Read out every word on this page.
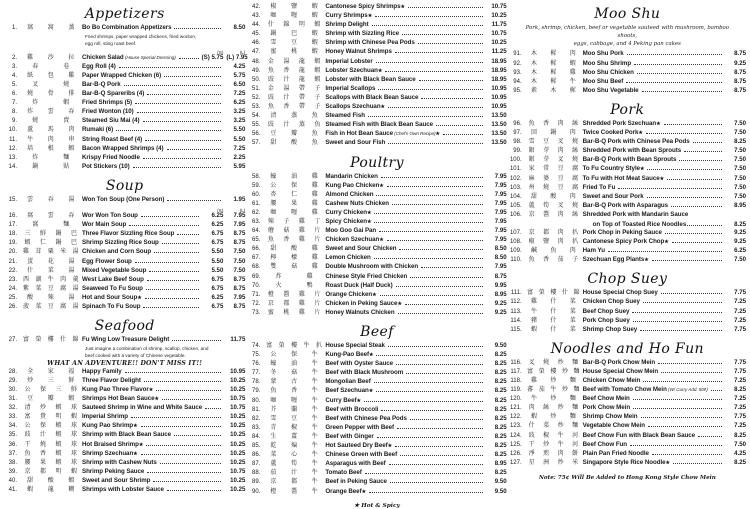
Appetizers
1.	窩 窩 蒸 Bo Bo Combination Appetizers	8.50
Fried shrimps, paper wrapped chickens, fried wonton,
egg roll, sting roast beef.
(S)	(L)
2.	雞 沙 拉 Chicken Salad (House Special Dressing)	(S) 5.75 (L) 7.95
3.	春	卷 Egg Roll (4)	4.25
4.	紙 包 雞 Paper Wrapped Chicken (6)	5.75
5.	叉	燒 Bar-B-Q Pork	6.50
6.	燒 骨 排 Bar-B-Q Spareribs (4)	7.25
7.	炸	蝦 Fried Shrimps (5)	6.25
8.	炸 雲 吞 Fried Wonton (10)	3.25
9.	燒	賣 Steamed Siu Mai (4)	3.25
10.	蘆 馬 肉 Rumaki (6)	5.50
11.	牛 肉 串 String Roast Beef (4)	5.50
12.	培 根 蝦 Bacon Wrapped Shrimps (4)	7.25
13.	炸	麵 Krispy Fried Noodle	2.25
14.	鍋	貼 Pot Stickers (10)	5.95
Soup
15.	雲 吞 湯 Won Ton Soup (One Person)	1.95
(S)	(L)
16.	窩 雲 吞 Wor Won Ton Soup	6.25	7.95
17.	窩	麵 Wor Main Soup	6.25	7.95
18.	三 鮮 鍋 巴 Three Flavor Sizzling Rice Soup	6.75	8.75
19.	蝦 仁 鍋 巴 Shrimp Sizzling Rice Soup	6.75	8.75
20. 雞 茸 粟 米 湯 Chicken and Corn Soup	5.50	7.50
21.	蛋 花 湯 Egg Flower Soup	5.50	7.50
22.	什 菜 湯 Mixed Vegetable Soup	5.50	7.50
23. 西 湖 牛 肉 羹 West Lake Beef Soup	6.75	8.75
24. 紫 菜 豆 腐 湯 Seaweed To Fu Soup	6.75	8.75
25.	酸 辣 湯 Hot and Sour Soup★	6.25	7.95
26. 菠 菜 豆 腐 湯 Spinach To Fu Soup	6.75	8.75
Seafood
27. 富 榮 樓 什 錦 Fu Wing Low Treasure Delight	11.75
Just imagine a combination of shrimp, scallop, chicken, and
beef cooked with a variety of Chinese vegetable.
WHAT AN ADVENTURE!! DON'T MISS IT!!
28.	全 家 福 Happy Family	10.95
29.	炒 三 鮮 Three Flavor Delight	10.25
30.	公 保 三 鮮 Kung Pao Three Flavor★	10.25
31.	豆 瓣 蝦 Shrimps Hot Bean Sauce★	10.75
32.	清 炒 蝦 球 Sauteed Shrimp in Wine and White Sauce	10.75
33.	富 貴 明 蝦 Imperial Shrimp	10.25
34.	公 保 蝦 球 Kung Pao Shrimp★	10.25
35.	豉 汁 蝦 球 Shrimp with Black Bean Sauce	10.25
36.	干 燒 蝦 球 Hot Braised Shrimp★	10.25
37.	魚 香 蝦 球 Shrimp Szechuan★	10.25
38.	腰 果 蝦 球 Shrimp with Cashew Nuts	10.25
39.	京 都 明 蝦 Shrimp Peking Sauce	10.75
40.	甜 酸 蝦 Sweet and Sour Shrimp	10.25
41.	蝦 龍 糊 Shrimps with Lobster Sauce	10.25
42.	椒 鹽 蝦 Cantonese Spicy Shrimps★	10.75
43.	咖 喱 蝦 Curry Shrimps★	10.25
44.	什 錦 明 蝦 Shrimp Delight	11.75
45.	鍋 巴 蝦 Shrimp with Sizzling Rice	10.75
46.	雪 豆 蝦 Shrimp with Chinese Pea Pods	10.25
47.	蜜 桃 蝦 Honey Walnut Shrimps	11.25
48.	金 湯 龍 蝦 Imperial Lobster	18.95
49.	魚 香 龍 蝦 Lobster Szechuan★	18.95
50.	豉 汁 龍 蝦 Lobster with Black Bean Sauce	18.95
51.	金 湯 帶 子 Imperial Scallops	10.95
52.	豉 汁 帶 子 Scallops with Black Bean Sauce	10.95
53.	魚 香 帶 子 Scallops Szechuan★	10.95
54.	清 蒸 魚 Steamed Fish	13.50
55.	豉 汁 蒸 魚 Steamed Fish with Black Bean Sauce	13.50
56.	豆 瓣 魚 Fish in Hot Bean Sauce (Chef's Own Recipe)★	13.50
57.	甜 酸 魚 Sweet and Sour Fish	13.50
Poultry
58.	蠔 油 雞 Mandarin Chicken	7.95
59.	公 保 雞 Kung Pao Chicken★	7.95
60.	杏 仁 雞 Almond Chicken	7.95
61.	腰 果 雞 Cashew Nuts Chicken	7.95
62.	咖 喱 雞 Curry Chicken★	7.95
63.	辣 子 雞 丁 Spicy Chicken★	7.95
64.	蘑 菇 雞 片 Moo Goo Gai Pan	7.95
65.	魚 香 雞 片 Chicken Szechuan★	7.95
66.	甜 酸 雞 Sweet and Sour Chicken	8.50
67.	檸 檬 雞 Lemon Chicken	8.50
68.	雙 菇 雞 Double Mushroom with Chicken	7.95
69.	炸	雞 Chinese Style Fried Chicken	8.75
70.	火	鴨 Roast Duck (Half Duck)	9.95
71.	橙 醬 雞 片 Orange Chicken★	8.95
72.	京 都 雞 片 Chicken in Peking Sauce★	9.25
73.	蜜 桃 雞 片 Honey Walnuts Chicken	9.25
Beef
74. 富 榮 樓 牛 扒 House Special Steak	9.50
75.	公 保 牛 Kung-Pao Beef★	8.25
76.	蠔 油 牛 Beef with Oyster Sauce	8.25
77.	冬 菇 牛 Beef with Black Mushroom	8.25
78.	蒙 古 牛 Mongolian Beef	8.25
79.	魚 香 牛 Beef Szechuan★	8.25
80.	咖 喱 牛 Curry Beef★	8.25
81.	芥 蘭 牛 Beef with Broccoli	8.25
82.	雪 豆 牛 Beef with Chinese Pea Pods	8.25
83.	青 椒 牛 Green Pepper with Beef	8.25
84.	生 薑 牛 Beef with Ginger	8.25
85.	乾 煸 牛 Hot Sauteed Dry Beef★	8.25
86.	菜 心 牛 Chinese Green with Beef	8.25
87.	蘆 筍 牛 Asparagus with Beef	8.95
88.	茄 汁 牛 Tomato Beef	8.25
89.	京 都 牛 Beef in Peking Sauce	9.50
90.	橙 醬 牛 Orange Beef★	9.50
★ Hot & Spicy
Moo Shu
Pork, shrimp, chicken, beef or vegetable sauteed with mushroom, bamboo shoots,
eggs, cabbage, and 4 Peking pan cakes
91.	木 樨 肉 Moo Shu Pork	8.75
92.	木 樨 蝦 Moo Shu Shrimp	9.25
93.	木 樨 雞 Moo Shu Chicken	8.75
94.	木 樨 牛 Moo Shu Beef	8.75
95.	素 木 樨 Moo Shu Vegetable	8.75
Pork
96.	魚 香 肉 絲 Shredded Pork Szechuan★	7.50
97.	回 鍋 肉 Twice Cooked Pork★	7.50
98.	雪 豆 叉 燒 Bar-B-Q Pork with Chinese Pea Pods	8.25
99.	銀 芽 肉 絲 Shredded Pork with Bean Sprouts	7.50
100.	銀 芽 叉 燒 Bar-B-Q Pork with Bean Sprouts	7.50
101.	家 常 豆 腐 To Fu Country Style★	7.50
102.	麻 婆 豆 腐 To Fu with Hot Meat Sauce★	7.50
103.	州 燒 豆 腐 Fried To Fu	7.50
104.	甜 酸 肉 Sweet and Sour Pork	7.50
105.	蘆 筍 叉 燒 Bar-B-Q Pork with Asparagus	8.95
106.	京 醬 肉 絲 Shredded Pork with Mandarin Sauce
on Top of Toasted Rice Noodles	8.25
107.	京 都 肉 扒 Pork Chop in Peking Sauce	9.25
108.	椒 鹽 肉 扒 Cantonese Spicy Pork Chop★	9.25
109.	鹹 魚 肉 Ham Yu	6.25
110.	魚 香 茄 子 Szechuan Egg Plants★	7.50
Chop Suey
111. 富 榮 樓 什 錦 House Special Chop Suey	7.75
112.	雞 什 菜 Chicken Chop Suey	7.25
113.	牛 什 菜 Beef Chop Suey	7.25
114.	豬 什 菜 Pork Chop Suey	7.25
115.	蝦 什 菜 Shrimp Chop Suey	7.75
Noodles and Ho Fun
116.	叉 燒 炒 麵 Bar-B-Q Pork Chow Mein	7.75
117. 富 榮 樓 炒 麵 House Special Chow Mein	7.75
118.	雞 炒 麵 Chicken Chow Mein	7.25
119. 蕃 茄 牛 炒 麵 Beef with Tomato Chow Mein (W/ Curry Add. 50¢)	8.25
120.	牛 炒 麵 Beef Chow Mein	7.25
121.	肉 絲 炒 麵 Pork Chow Mein	7.25
122.	蝦 炒 麵 Shrimp Chow Mein	7.75
123.	什 菜 炒 麵 Vegetable Chow Mein	7.25
124.	豉 椒 牛 河 Beef Chow Fun with Black Bean Sauce	8.25
125.	干 炒 牛 河 Beef Chow Fun	7.50
126.	淨 煎 肉 餅 Plain Pan Fried Noodle	4.25
127.	星 洲 炒 米 Singapore Style Rice Noodle★	8.25
Note: 75¢ Will Be Added to Hong Kong Style Chow Mein
